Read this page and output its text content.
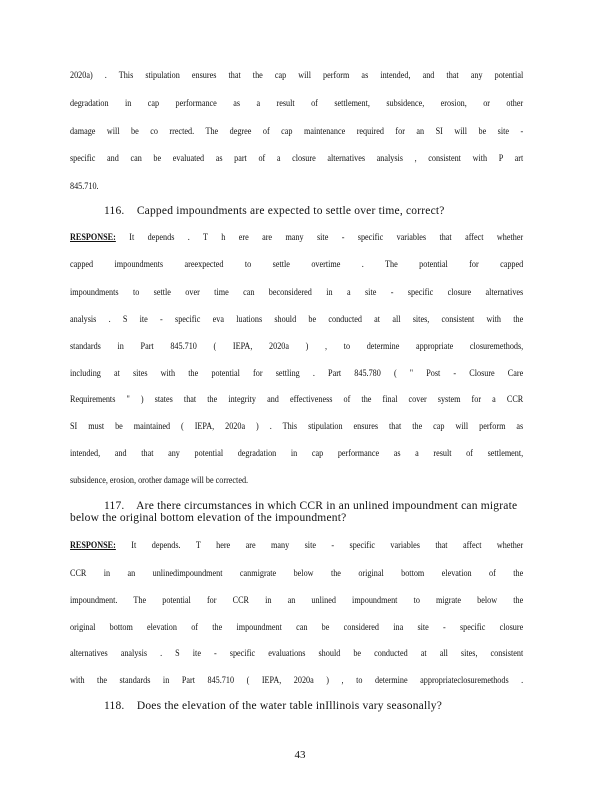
2020a) . This stipulation ensures that the cap will perform as intended, and that any potential
degradation in cap performance as a result of settlement, subsidence, erosion, or other
damage will be co rrected. The degree of cap maintenance required for an SI will be site -
specific and can be evaluated as part of a closure alternatives analysis , consistent with P art
845.710.
116. Capped impoundments are expected to settle over time, correct?
RESPONSE: It depends . T h ere are many site - specific variables that affect whether
capped impoundments areexpected to settle overtime . The potential for capped
impoundments to settle over time can beconsidered in a site - specific closure alternatives
analysis . S ite - specific eva luations should be conducted at all sites, consistent with the
standards in Part 845.710 ( IEPA, 2020a ) , to determine appropriate closuremethods,
including at sites with the potential for settling . Part 845.780 ( " Post - Closure Care
Requirements " ) states that the integrity and effectiveness of the final cover system for a CCR
SI must be maintained ( IEPA, 2020a ) . This stipulation ensures that the cap will perform as
intended, and that any potential degradation in cap performance as a result of settlement,
subsidence, erosion, orother damage will be corrected.
117. Are there circumstances in which CCR in an unlined impoundment can migrate
below the original bottom elevation of the impoundment?
RESPONSE: It depends. T here are many site - specific variables that affect whether
CCR in an unlinedimpoundment canmigrate below the original bottom elevation of the
impoundment. The potential for CCR in an unlined impoundment to migrate below the
original bottom elevation of the impoundment can be considered ina site - specific closure
alternatives analysis . S ite - specific evaluations should be conducted at all sites, consistent
with the standards in Part 845.710 ( IEPA, 2020a ) , to determine appropriateclosuremethods .
118. Does the elevation of the water table inIllinois vary seasonally?
43
